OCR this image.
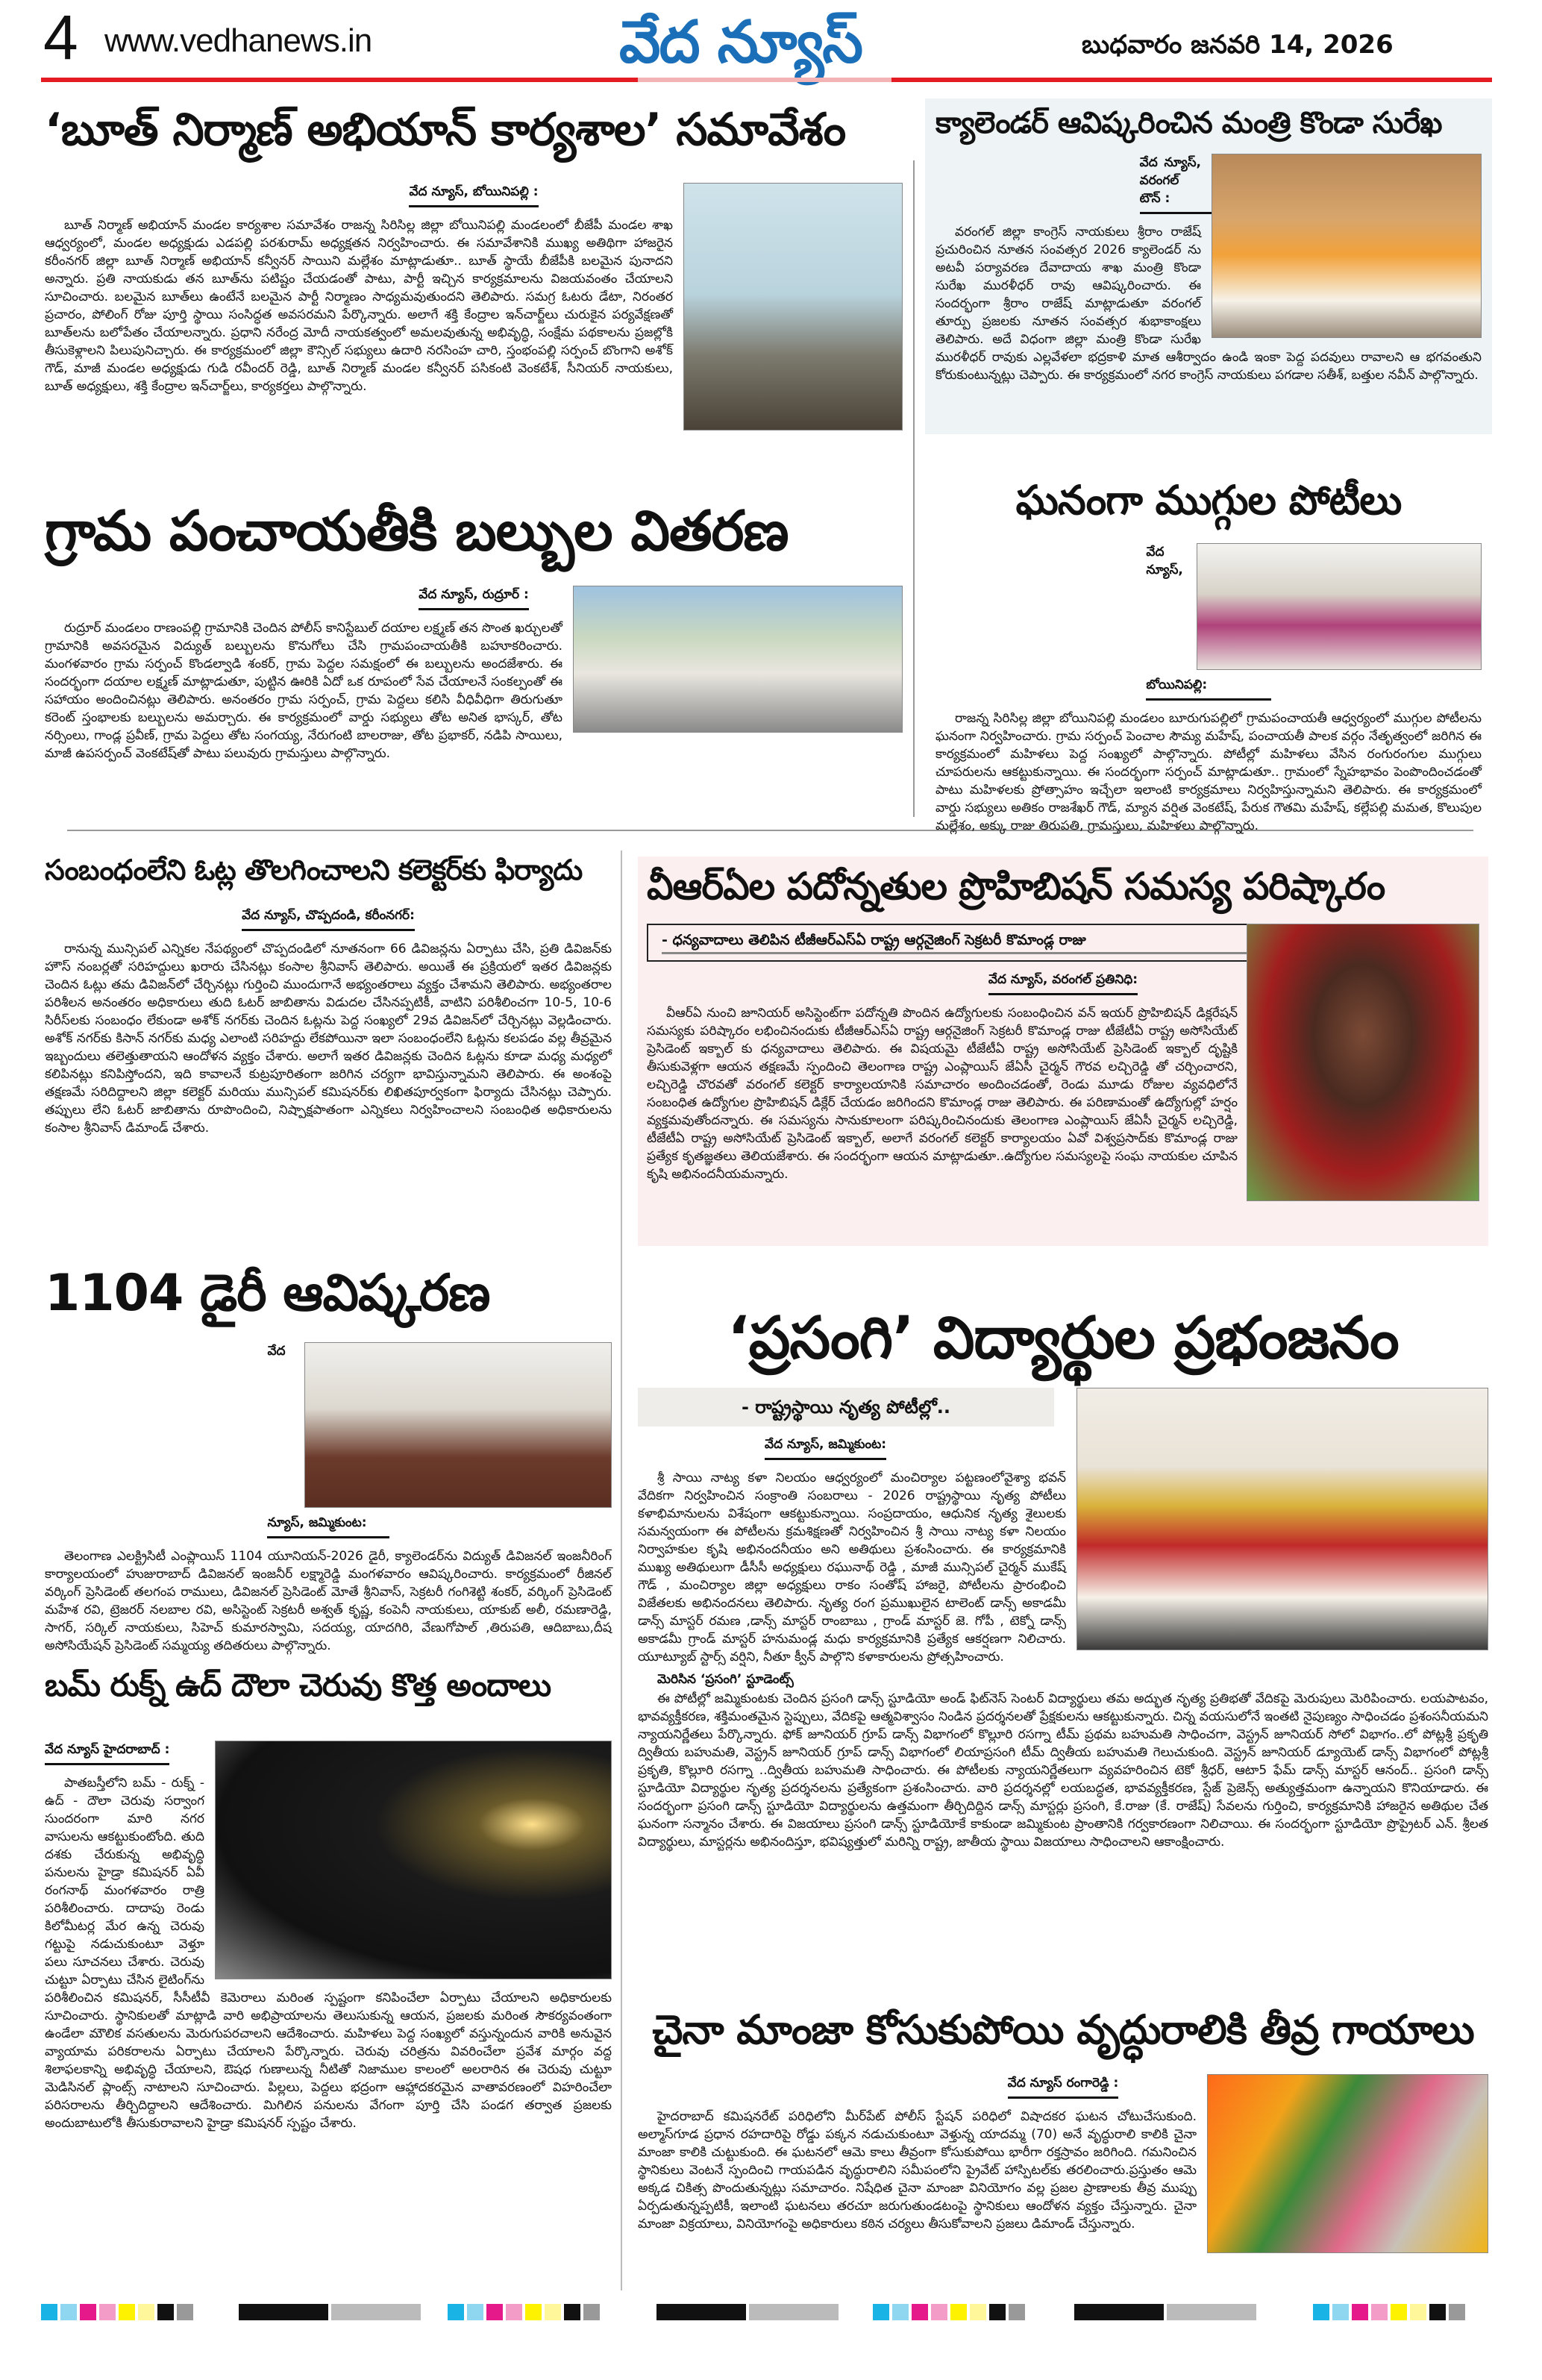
4 www.vedhanews.in	వేద న్యూస్	బుధవారం జనవరి 14, 2026
‘బూత్ నిర్మాణ్ అభియాన్ కార్యశాల’ సమావేశం
వేద న్యూస్, బోయినిపల్లి :

బూత్ నిర్మాణ్ అభియాన్ మండల కార్యశాల సమావేశం రాజన్న సిరిసిల్ల జిల్లా బోయినిపల్లి మండలంలో బీజేపీ మండల శాఖ ఆధ్వర్యంలో, మండల అధ్యక్షుడు ఎడపల్లి పరశురామ్ అధ్యక్షతన నిర్వహించారు. ఈ సమావేశానికి ముఖ్య అతిథిగా హాజరైన కరీంనగర్ జిల్లా బూత్ నిర్మాణ్ అభియాన్ కన్వీనర్ సాయిని మల్లేశం మాట్లాడుతూ.. బూత్ స్థాయే బీజేపీకి బలమైన పునాదని అన్నారు. ప్రతి నాయకుడు తన బూత్‌ను పటిష్టం చేయడంతో పాటు, పార్టీ ఇచ్చిన కార్యక్రమాలను విజయవంతం చేయాలని సూచించారు. బలమైన బూత్‌లు ఉంటేనే బలమైన పార్టీ నిర్మాణం సాధ్యమవుతుందని తెలిపారు. సమగ్ర ఓటరు డేటా, నిరంతర ప్రచారం, పోలింగ్ రోజు పూర్తి స్థాయి సంసిద్ధత అవసరమని పేర్కొన్నారు. అలాగే శక్తి కేంద్రాల ఇన్‌చార్జ్‌లు చురుకైన పర్యవేక్షణతో బూత్‌లను బలోపేతం చేయాలన్నారు. ప్రధాని నరేంద్ర మోదీ నాయకత్వంలో అమలవుతున్న అభివృద్ధి, సంక్షేమ పథకాలను ప్రజల్లోకి తీసుకెళ్లాలని పిలుపునిచ్చారు. ఈ కార్యక్రమంలో జిల్లా కౌన్సిల్ సభ్యులు ఉదారి నరసింహ చారి, స్తంభంపల్లి సర్పంచ్ బొంగాని అశోక్ గౌడ్, మాజీ మండల అధ్యక్షుడు గుడి రవీందర్ రెడ్డి, బూత్ నిర్మాణ్ మండల కన్వీనర్ పసికంటి వెంకటేశ్, సీనియర్ నాయకులు, బూత్ అధ్యక్షులు, శక్తి కేంద్రాల ఇన్‌చార్జ్‌లు, కార్యకర్తలు పాల్గొన్నారు.

క్యాలెండర్ ఆవిష్కరించిన మంత్రి కొండా సురేఖ
వేద న్యూస్, వరంగల్ టౌన్ :

వరంగల్ జిల్లా కాంగ్రెస్ నాయకులు శ్రీరాం రాజేష్ ప్రచురించిన నూతన సంవత్సర 2026 క్యాలెండర్ ను అటవీ పర్యావరణ దేవాదాయ శాఖ మంత్రి కొండా సురేఖ మురళీధర్ రావు ఆవిష్కరించారు. ఈ సందర్భంగా శ్రీరాం రాజేష్ మాట్లాడుతూ వరంగల్ తూర్పు ప్రజలకు నూతన సంవత్సర శుభాకాంక్షలు తెలిపారు. అదే విధంగా జిల్లా మంత్రి కొండా సురేఖ మురళీధర్ రావుకు ఎల్లవేళలా భద్రకాళి మాత ఆశీర్వాదం ఉండి ఇంకా పెద్ద పదవులు రావాలని ఆ భగవంతుని కోరుకుంటున్నట్లు చెప్పారు. ఈ కార్యక్రమంలో నగర కాంగ్రెస్ నాయకులు పగడాల సతీశ్, బత్తుల నవీన్ పాల్గొన్నారు.

గ్రామ పంచాయతీకి బల్బుల వితరణ
వేద న్యూస్, రుద్రూర్ :

రుద్రూర్ మండలం రాణంపల్లి గ్రామానికి చెందిన పోలీస్ కానిస్టేబుల్ దయాల లక్ష్మణ్ తన సొంత ఖర్చులతో గ్రామానికి అవసరమైన విద్యుత్ బల్బులను కొనుగోలు చేసి గ్రామపంచాయతీకి బహూకరించారు. మంగళవారం గ్రామ సర్పంచ్ కొండల్వాడి శంకర్, గ్రామ పెద్దల సమక్షంలో ఈ బల్బులను అందజేశారు. ఈ సందర్భంగా దయాల లక్ష్మణ్ మాట్లాడుతూ, పుట్టిన ఊరికి ఏదో ఒక రూపంలో సేవ చేయాలనే సంకల్పంతో ఈ సహాయం అందించినట్లు తెలిపారు. అనంతరం గ్రామ సర్పంచ్, గ్రామ పెద్దలు కలిసి వీధివీధిగా తిరుగుతూ కరెంట్ స్తంభాలకు బల్బులను అమర్చారు. ఈ కార్యక్రమంలో వార్డు సభ్యులు తోట అనిత భాస్కర్, తోట నర్సింలు, గాండ్ల ప్రవీణ్, గ్రామ పెద్దలు తోట సంగయ్య, నేరుగంటి బాలరాజు, తోట ప్రభాకర్, నడిపి సాయిలు, మాజీ ఉపసర్పంచ్ వెంకటేష్‌తో పాటు పలువురు గ్రామస్తులు పాల్గొన్నారు.

ఘనంగా ముగ్గుల పోటీలు
వేద న్యూస్, బోయినిపల్లి:

రాజన్న సిరిసిల్ల జిల్లా బోయినిపల్లి మండలం బూరుగుపల్లిలో గ్రామపంచాయతీ ఆధ్వర్యంలో ముగ్గుల పోటీలను ఘనంగా నిర్వహించారు. గ్రామ సర్పంచ్ పెంచాల సౌమ్య మహేష్, పంచాయతీ పాలక వర్గం నేతృత్వంలో జరిగిన ఈ కార్యక్రమంలో మహిళలు పెద్ద సంఖ్యలో పాల్గొన్నారు. పోటీల్లో మహిళలు వేసిన రంగురంగుల ముగ్గులు చూపరులను ఆకట్టుకున్నాయి. ఈ సందర్భంగా సర్పంచ్ మాట్లాడుతూ.. గ్రామంలో స్నేహభావం పెంపొందించడంతో పాటు మహిళలకు ప్రోత్సాహం ఇచ్చేలా ఇలాంటి కార్యక్రమాలు నిర్వహిస్తున్నామని తెలిపారు. ఈ కార్యక్రమంలో వార్డు సభ్యులు అతికం రాజశేఖర్ గౌడ్, మ్యాన వర్షిత వెంకటేష్, పేరుక గౌతమి మహేష్, కల్లేపల్లి మమత, కొలుపుల మల్లేశం, అక్కు రాజు తిరుపతి, గ్రామస్తులు, మహిళలు పాల్గొన్నారు.

సంబంధంలేని ఓట్ల తొలగించాలని కలెక్టర్‌కు ఫిర్యాదు
వేద న్యూస్, చొప్పదండి, కరీంనగర్:

రానున్న మున్సిపల్ ఎన్నికల నేపథ్యంలో చొప్పదండిలో నూతనంగా 66 డివిజన్లను ఏర్పాటు చేసి, ప్రతి డివిజన్‌కు హౌస్ నంబర్లతో సరిహద్దులు ఖరారు చేసినట్లు కంసాల శ్రీనివాస్ తెలిపారు. అయితే ఈ ప్రక్రియలో ఇతర డివిజన్లకు చెందిన ఓట్లు తమ డివిజన్‌లో చేర్చినట్లు గుర్తించి ముందుగానే అభ్యంతరాలు వ్యక్తం చేశామని తెలిపారు. అభ్యంతరాల పరిశీలన అనంతరం అధికారులు తుది ఓటర్ జాబితాను విడుదల చేసినప్పటికీ, వాటిని పరిశీలించగా 10-5, 10-6 సిరీస్‌లకు సంబంధం లేకుండా అశోక్ నగర్‌కు చెందిన ఓట్లను పెద్ద సంఖ్యలో 29వ డివిజన్‌లో చేర్చినట్లు వెల్లడించారు. అశోక్ నగర్‌కు కిసాన్ నగర్‌కు మధ్య ఎలాంటి సరిహద్దు లేకపోయినా ఇలా సంబంధంలేని ఓట్లను కలపడం వల్ల తీవ్రమైన ఇబ్బందులు తలెత్తుతాయని ఆందోళన వ్యక్తం చేశారు. అలాగే ఇతర డివిజన్లకు చెందిన ఓట్లను కూడా మధ్య మధ్యలో కలిపినట్లు కనిపిస్తోందని, ఇది కావాలనే కుట్రపూరితంగా జరిగిన చర్యగా భావిస్తున్నామని తెలిపారు. ఈ అంశంపై తక్షణమే సరిదిద్దాలని జిల్లా కలెక్టర్ మరియు మున్సిపల్ కమిషనర్‌కు లిఖితపూర్వకంగా ఫిర్యాదు చేసినట్లు చెప్పారు. తప్పులు లేని ఓటర్ జాబితాను రూపొందించి, నిష్పాక్షపాతంగా ఎన్నికలు నిర్వహించాలని సంబంధిత అధికారులను కంసాల శ్రీనివాస్ డిమాండ్ చేశారు.

వీఆర్‌ఏల పదోన్నతుల ప్రొహిబిషన్ సమస్య పరిష్కారం
- ధన్యవాదాలు తెలిపిన టీజీఆర్‌ఎస్‌ఏ రాష్ట్ర ఆర్గనైజింగ్ సెక్రటరీ కొమాండ్ల రాజు
వేద న్యూస్, వరంగల్ ప్రతినిధి:

వీఆర్‌ఏ నుంచి జూనియర్ అసిస్టెంట్‌గా పదోన్నతి పొందిన ఉద్యోగులకు సంబంధించిన వన్ ఇయర్ ప్రొహిబిషన్ డిక్లరేషన్ సమస్యకు పరిష్కారం లభించినందుకు టీజీఆర్‌ఎస్‌ఏ రాష్ట్ర ఆర్గనైజింగ్ సెక్రటరీ కొమాండ్ల రాజు టీజేటీఏ రాష్ట్ర అసోసియేట్ ప్రెసిడెంట్ ఇక్బాల్ కు ధన్యవాదాలు తెలిపారు. ఈ విషయమై టీజేటీఏ రాష్ట్ర అసోసియేట్ ప్రెసిడెంట్ ఇక్బాల్ దృష్టికి తీసుకువెళ్లగా ఆయన తక్షణమే స్పందించి తెలంగాణ రాష్ట్ర ఎంప్లాయిస్ జేఏసీ చైర్మన్ గౌరవ లచ్చిరెడ్డి తో చర్చించారని, లచ్చిరెడ్డి చొరవతో వరంగల్ కలెక్టర్ కార్యాలయానికి సమాచారం అందించడంతో, రెండు మూడు రోజుల వ్యవధిలోనే సంబంధిత ఉద్యోగుల ప్రొహిబిషన్ డిక్లేర్ చేయడం జరిగిందని కొమాండ్ల రాజు తెలిపారు. ఈ పరిణామంతో ఉద్యోగుల్లో హర్షం వ్యక్తమవుతోందన్నారు. ఈ సమస్యను సానుకూలంగా పరిష్కరించినందుకు తెలంగాణ ఎంప్లాయిస్ జేఏసీ చైర్మన్ లచ్చిరెడ్డి, టీజేటీఏ రాష్ట్ర అసోసియేట్ ప్రెసిడెంట్ ఇక్బాల్, అలాగే వరంగల్ కలెక్టర్ కార్యాలయం ఏవో విశ్వప్రసాద్‌కు కొమాండ్ల రాజు ప్రత్యేక కృతజ్ఞతలు తెలియజేశారు. ఈ సందర్భంగా ఆయన మాట్లాడుతూ..ఉద్యోగుల సమస్యలపై సంఘ నాయకుల చూపిన కృషి అభినందనీయమన్నారు.

1104 డైరీ ఆవిష్కరణ
వేద న్యూస్, జమ్మికుంట:

తెలంగాణ ఎలక్ట్రిసిటీ ఎంప్లాయిస్ 1104 యూనియన్-2026 డైరీ, క్యాలెండర్‌ను విద్యుత్ డివిజనల్ ఇంజనీరింగ్ కార్యాలయంలో హుజురాబాద్ డివిజనల్ ఇంజనీర్ లక్ష్మారెడ్డి మంగళవారం ఆవిష్కరించారు. కార్యక్రమంలో రీజినల్ వర్కింగ్ ప్రెసిడెంట్ తలగంప రాములు, డివిజనల్ ప్రెసిడెంట్ మోతే శ్రీనివాస్, సెక్రటరీ గంగిశెట్టి శంకర్, వర్కింగ్ ప్రెసిడెంట్ మహేశ రవి, ట్రెజరర్ నలబాల రవి, అసిస్టెంట్ సెక్రటరీ అశ్వత్ కృష్ణ, కంపెనీ నాయకులు, యాకుబ్ అలీ, రమణారెడ్డి, సాగర్, సర్కిల్ నాయకులు, సిహెచ్ కుమారస్వామి, సదయ్య, యాదగిరి, వేణుగోపాల్ ,తిరుపతి, ఆదిబాబు,దీష అసోసియేషన్ ప్రెసిడెంట్ సమ్మయ్య తదితరులు పాల్గొన్నారు.

‘ప్రసంగి’ విద్యార్థుల ప్రభంజనం
- రాష్ట్రస్థాయి నృత్య పోటీల్లో..
వేద న్యూస్, జమ్మికుంట:

శ్రీ సాయి నాట్య కళా నిలయం ఆధ్వర్యంలో మంచిర్యాల పట్టణంలోవైశ్యా భవన్ వేదికగా నిర్వహించిన సంక్రాంతి సంబరాలు - 2026 రాష్ట్రస్థాయి నృత్య పోటీలు కళాభిమానులను విశేషంగా ఆకట్టుకున్నాయి. సంప్రదాయం, ఆధునిక నృత్య శైలులకు సమన్వయంగా ఈ పోటీలను క్రమశిక్షణతో నిర్వహించిన శ్రీ సాయి నాట్య కళా నిలయం నిర్వాహకుల కృషి అభినందనీయం అని అతిథులు ప్రశంసించారు. ఈ కార్యక్రమానికి ముఖ్య అతిథులుగా డీసీసీ అధ్యక్షులు రఘునాథ్ రెడ్డి , మాజీ మున్సిపల్ చైర్మన్ ముకేష్ గౌడ్ , మంచిర్యాల జిల్లా అధ్యక్షులు రాకం సంతోష్ హాజరై, పోటీలను ప్రారంభించి విజేతలకు అభినందనలు తెలిపారు. నృత్య రంగ ప్రముఖులైన టాలెంట్ డాన్స్ అకాడమీ డాన్స్ మాస్టర్ రమణ ,డాన్స్ మాస్టర్ రాంబాబు , గ్రాండ్ మాస్టర్ జె. గోపీ , టెక్నో డాన్స్ అకాడమీ గ్రాండ్ మాస్టర్ హనుమండ్ల మధు కార్యక్రమానికి ప్రత్యేక ఆకర్షణగా నిలిచారు. యూట్యూబ్ స్టార్స్ వర్షిని, నీతూ క్వీన్ పాల్గొని కళాకారులను ప్రోత్సహించారు.

మెరిసిన ‘ప్రసంగి’ స్టూడెంట్స్

ఈ పోటీల్లో జమ్మికుంటకు చెందిన ప్రసంగి డాన్స్ స్టూడియో అండ్ ఫిట్‌నెస్ సెంటర్ విద్యార్థులు తమ అద్భుత నృత్య ప్రతిభతో వేదికపై మెరుపులు మెరిపించారు. లయపాటవం, భావవ్యక్తీకరణ, శక్తిమంతమైన స్టెప్పులు, వేదికపై ఆత్మవిశ్వాసం నిండిన ప్రదర్శనలతో ప్రేక్షకులను ఆకట్టుకున్నారు. చిన్న వయసులోనే ఇంతటి నైపుణ్యం సాధించడం ప్రశంసనీయమని న్యాయనిర్ణేతలు పేర్కొన్నారు. ఫోక్ జూనియర్ గ్రూప్ డాన్స్ విభాగంలో కొల్లూరి రసగ్నా టీమ్ ప్రథమ బహుమతి సాధించగా, వెస్ట్రన్ జూనియర్ సోలో విభాగం..లో పోట్లశ్రీ ప్రకృతి ద్వితీయ బహుమతి, వెస్ట్రన్ జూనియర్ గ్రూప్ డాన్స్ విభాగంలో లియాప్రసంగి టీమ్ ద్వితీయ బహుమతి గెలుచుకుంది. వెస్ట్రన్ జూనియర్ డ్యూయెట్ డాన్స్ విభాగంలో పోట్లశ్రీ ప్రకృతి, కొల్లూరి రసగ్నా ..ద్వితీయ బహుమతి సాధించారు. ఈ పోటీలకు న్యాయనిర్ణేతలుగా వ్యవహరించిన టెకో శ్రీధర్, ఆటా5 ఫేమ్ డాన్స్ మాస్టర్ ఆనంద్.. ప్రసంగి డాన్స్ స్టూడియో విద్యార్థుల నృత్య ప్రదర్శనలను ప్రత్యేకంగా ప్రశంసించారు. వారి ప్రదర్శనల్లో లయబద్ధత, భావవ్యక్తీకరణ, స్టేజ్ ప్రెజెన్స్ అత్యుత్తమంగా ఉన్నాయని కొనియాడారు. ఈ సందర్భంగా ప్రసంగి డాన్స్ స్టూడియో విద్యార్థులను ఉత్తమంగా తీర్చిదిద్దిన డాన్స్ మాస్టర్లు ప్రసంగి, కే.రాజు (కే. రాజేష్) సేవలను గుర్తించి, కార్యక్రమానికి హాజరైన అతిథుల చేత ఘనంగా సన్మానం చేశారు. ఈ విజయాలు ప్రసంగి డాన్స్ స్టూడియోకే కాకుండా జమ్మికుంట ప్రాంతానికి గర్వకారణంగా నిలిచాయి. ఈ సందర్భంగా స్టూడియో ప్రొప్రైటర్ ఎన్. శ్రీలత విద్యార్థులు, మాస్టర్లను అభినందిస్తూ, భవిష్యత్తులో మరిన్ని రాష్ట్ర, జాతీయ స్థాయి విజయాలు సాధించాలని ఆకాంక్షించారు.

బమ్ రుక్న్ ఉద్ దౌలా చెరువు కొత్త అందాలు
వేద న్యూస్ హైదరాబాద్ :

పాతబస్తీలోని బమ్ - రుక్న్ - ఉద్ - దౌలా చెరువు సర్వాంగ సుందరంగా మారి నగర వాసులను ఆకట్టుకుంటోంది. తుది దశకు చేరుకున్న అభివృద్ధి పనులను హైడ్రా కమిషనర్ ఏవీ రంగనాథ్ మంగళవారం రాత్రి పరిశీలించారు. దాదాపు రెండు కిలోమీటర్ల మేర ఉన్న చెరువు గట్టుపై నడుచుకుంటూ వెళ్తూ పలు సూచనలు చేశారు. చెరువు చుట్టూ ఏర్పాటు చేసిన లైటింగ్‌ను పరిశీలించిన కమిషనర్, సీసీటీవీ కెమెరాలు మరింత స్పష్టంగా కనిపించేలా ఏర్పాటు చేయాలని అధికారులకు సూచించారు. స్థానికులతో మాట్లాడి వారి అభిప్రాయాలను తెలుసుకున్న ఆయన, ప్రజలకు మరింత సౌకర్యవంతంగా ఉండేలా మౌలిక వసతులను మెరుగుపరచాలని ఆదేశించారు. మహిళలు పెద్ద సంఖ్యలో వస్తున్నందున వారికి అనువైన వ్యాయామ పరికరాలను ఏర్పాటు చేయాలని పేర్కొన్నారు. చెరువు చరిత్రను వివరించేలా ప్రవేశ మార్గం వద్ద శిలాఫలకాన్ని అభివృద్ధి చేయాలని, ఔషధ గుణాలున్న నీటితో నిజాముల కాలంలో అలరారిన ఈ చెరువు చుట్టూ మెడిసినల్ ప్లాంట్స్ నాటాలని సూచించారు. పిల్లలు, పెద్దలు భద్రంగా ఆహ్లాదకరమైన వాతావరణంలో విహరించేలా పరిసరాలను తీర్చిదిద్దాలని ఆదేశించారు. మిగిలిన పనులను వేగంగా పూర్తి చేసి పండగ తర్వాత ప్రజలకు అందుబాటులోకి తీసుకురావాలని హైడ్రా కమిషనర్ స్పష్టం చేశారు.

చైనా మాంజా కోసుకుపోయి వృద్ధురాలికి తీవ్ర గాయాలు
వేద న్యూస్ రంగారెడ్డి :

హైదరాబాద్ కమిషనరేట్ పరిధిలోని మీర్‌పేట్ పోలీస్ స్టేషన్ పరిధిలో విషాదకర ఘటన చోటుచేసుకుంది. అల్మాస్‌గూడ ప్రధాన రహదారిపై రోడ్డు పక్కన నడుచుకుంటూ వెళ్తున్న యాదమ్మ (70) అనే వృద్ధురాలి కాలికి చైనా మాంజా కాలికి చుట్టుకుంది. ఈ ఘటనలో ఆమె కాలు తీవ్రంగా కోసుకుపోయి భారీగా రక్తస్రావం జరిగింది. గమనించిన స్థానికులు వెంటనే స్పందించి గాయపడిన వృద్ధురాలిని సమీపంలోని ప్రైవేట్ హాస్పిటల్‌కు తరలించారు.ప్రస్తుతం ఆమె అక్కడ చికిత్స పొందుతున్నట్లు సమాచారం. నిషేధిత చైనా మాంజా వినియోగం వల్ల ప్రజల ప్రాణాలకు తీవ్ర ముప్పు ఏర్పడుతున్నప్పటికీ, ఇలాంటి ఘటనలు తరచూ జరుగుతుండటంపై స్థానికులు ఆందోళన వ్యక్తం చేస్తున్నారు. చైనా మాంజా విక్రయాలు, వినియోగంపై అధికారులు కఠిన చర్యలు తీసుకోవాలని ప్రజలు డిమాండ్ చేస్తున్నారు.
